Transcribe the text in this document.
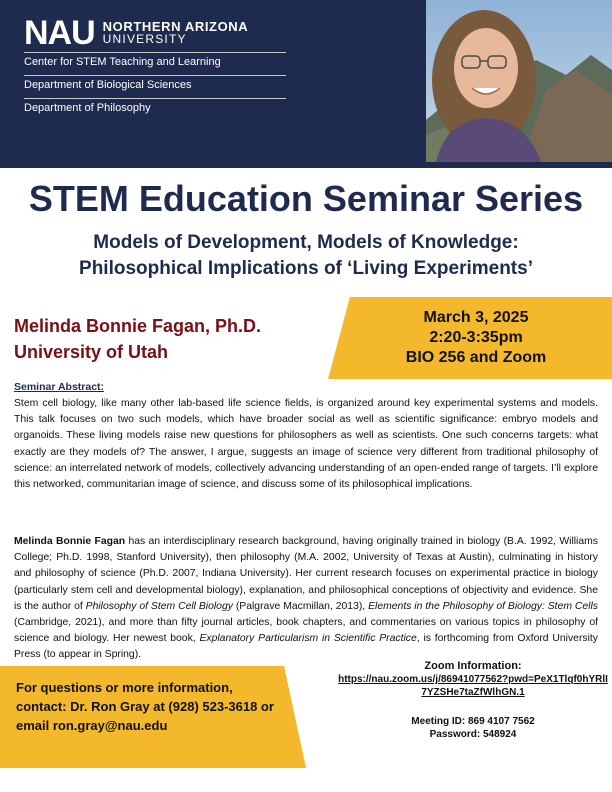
NAU NORTHERN ARIZONA
UNIVERSITY
Center for STEM Teaching and Learning
Department of Biological Sciences
Department of Philosophy
STEM Education Seminar Series
Models of Development, Models of Knowledge:
Philosophical Implications of ‘Living Experiments’
Melinda Bonnie Fagan, Ph.D.
University of Utah
March 3, 2025
2:20-3:35pm
BIO 256 and Zoom
Seminar Abstract:
Stem cell biology, like many other lab-based life science fields, is organized around key experimental systems and models. This talk focuses on two such models, which have broader social as well as scientific significance: embryo models and organoids. These living models raise new questions for philosophers as well as scientists. One such concerns targets: what exactly are they models of? The answer, I argue, suggests an image of science very different from traditional philosophy of science: an interrelated network of models, collectively advancing understanding of an open-ended range of targets. I’ll explore this networked, communitarian image of science, and discuss some of its philosophical implications.
Melinda Bonnie Fagan has an interdisciplinary research background, having originally trained in biology (B.A. 1992, Williams College; Ph.D. 1998, Stanford University), then philosophy (M.A. 2002, University of Texas at Austin), culminating in history and philosophy of science (Ph.D. 2007, Indiana University). Her current research focuses on experimental practice in biology (particularly stem cell and developmental biology), explanation, and philosophical conceptions of objectivity and evidence. She is the author of Philosophy of Stem Cell Biology (Palgrave Macmillan, 2013), Elements in the Philosophy of Biology: Stem Cells (Cambridge, 2021), and more than fifty journal articles, book chapters, and commentaries on various topics in philosophy of science and biology. Her newest book, Explanatory Particularism in Scientific Practice, is forthcoming from Oxford University Press (to appear in Spring).
For questions or more information, contact: Dr. Ron Gray at (928) 523-3618 or email ron.gray@nau.edu
Zoom Information:
https://nau.zoom.us/j/86941077562?pwd=PeX1Tlqf0hYRlI7YZSHe7taZfWlhGN.1
Meeting ID: 869 4107 7562
Password: 548924
